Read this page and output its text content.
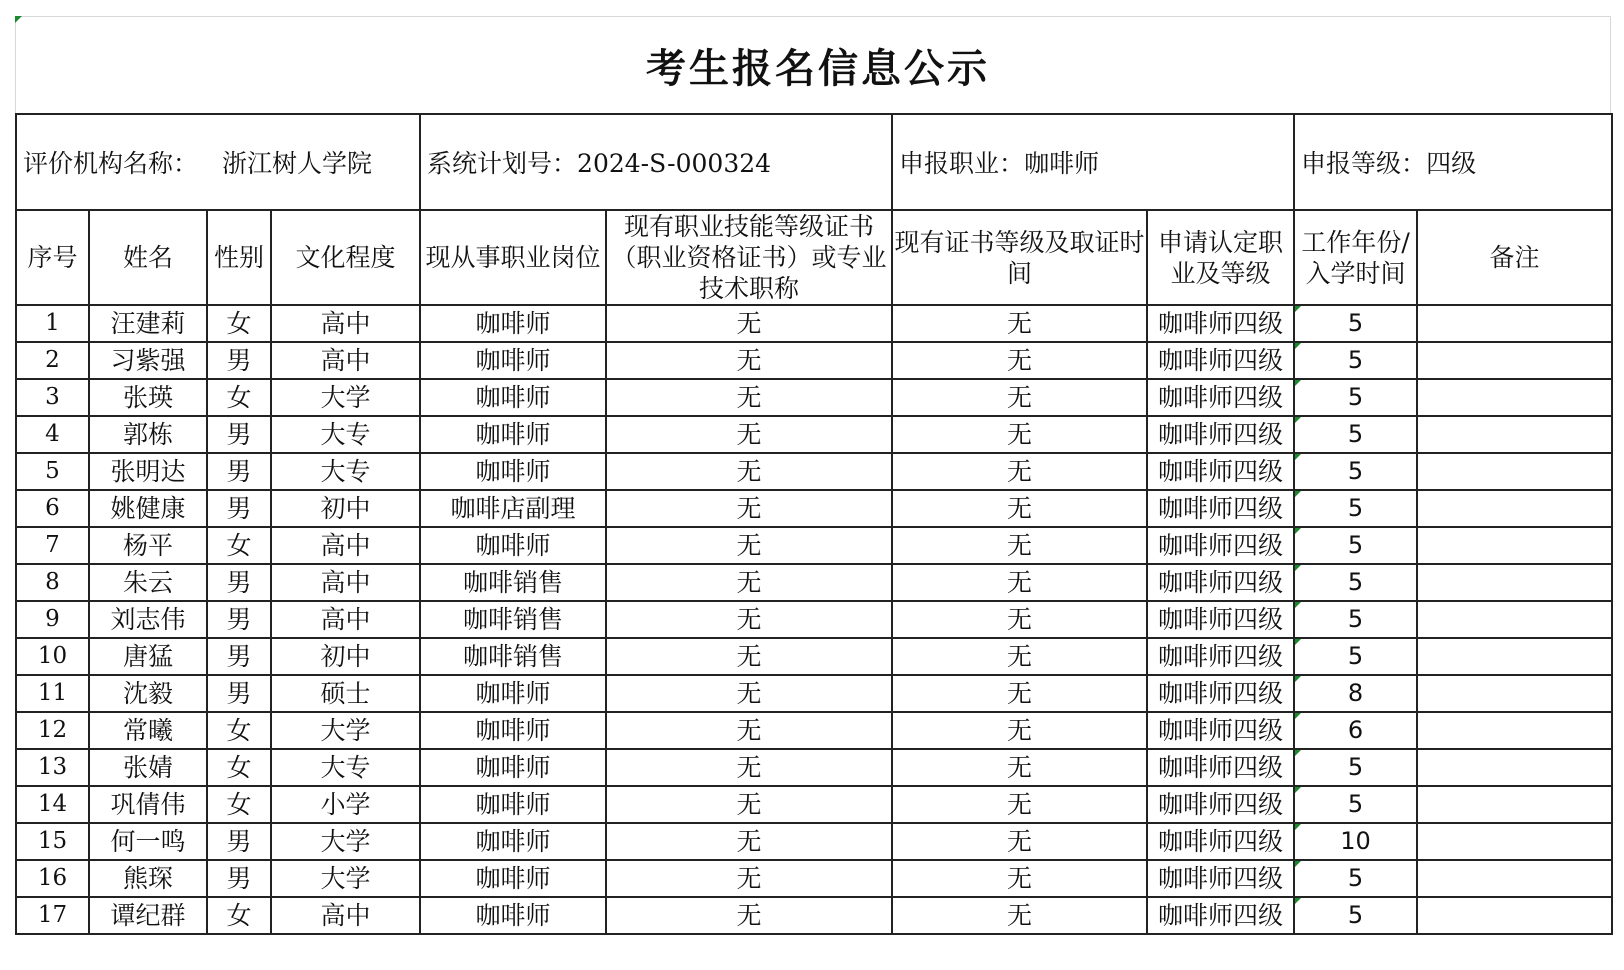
考生报名信息公示
评价机构名称： 浙江树人学院				系统计划号：2024-S-000324		申报职业：咖啡师		申报等级：四级	
序号	姓名	性别	文化程度	现从事职业岗位	现有职业技能等级证书（职业资格证书）或专业技术职称	现有证书等级及取证时间	申请认定职业及等级	工作年份/入学时间	备注
1	汪建莉	女	高中	咖啡师	无	无	咖啡师四级	5	
2	习紫强	男	高中	咖啡师	无	无	咖啡师四级	5	
3	张瑛	女	大学	咖啡师	无	无	咖啡师四级	5	
4	郭栋	男	大专	咖啡师	无	无	咖啡师四级	5	
5	张明达	男	大专	咖啡师	无	无	咖啡师四级	5	
6	姚健康	男	初中	咖啡店副理	无	无	咖啡师四级	5	
7	杨平	女	高中	咖啡师	无	无	咖啡师四级	5	
8	朱云	男	高中	咖啡销售	无	无	咖啡师四级	5	
9	刘志伟	男	高中	咖啡销售	无	无	咖啡师四级	5	
10	唐猛	男	初中	咖啡销售	无	无	咖啡师四级	5	
11	沈毅	男	硕士	咖啡师	无	无	咖啡师四级	8	
12	常曦	女	大学	咖啡师	无	无	咖啡师四级	6	
13	张婧	女	大专	咖啡师	无	无	咖啡师四级	5	
14	巩倩伟	女	小学	咖啡师	无	无	咖啡师四级	5	
15	何一鸣	男	大学	咖啡师	无	无	咖啡师四级	10	
16	熊琛	男	大学	咖啡师	无	无	咖啡师四级	5	
17	谭纪群	女	高中	咖啡师	无	无	咖啡师四级	5	
